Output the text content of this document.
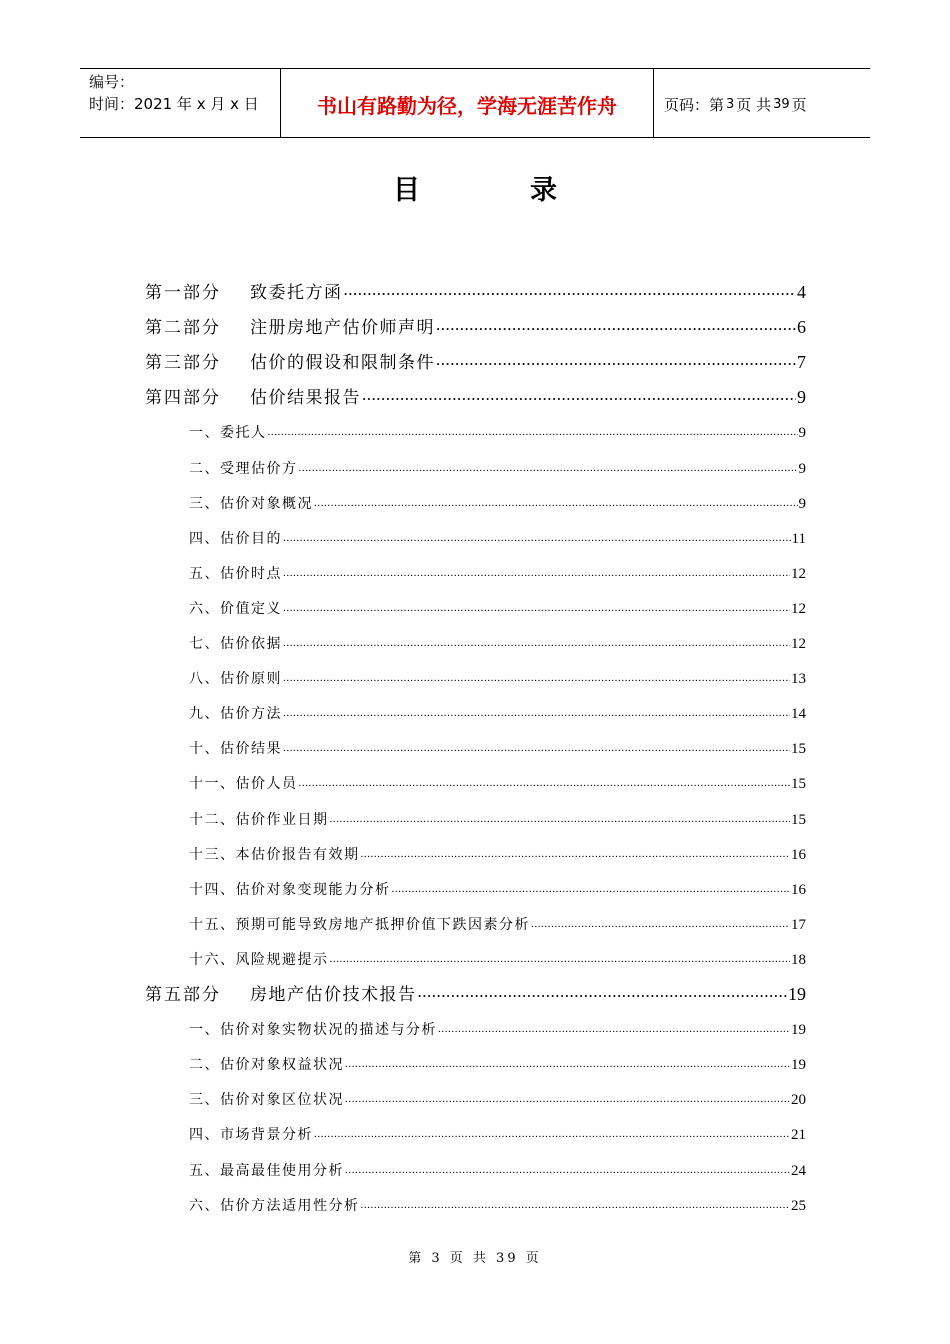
编号：
时间：2021 年 x 月 x 日	书山有路勤为径，学海无涯苦作舟	页码：第 3 页 共 39 页
目	录
第一部分	致委托方函 .....	4
第二部分	注册房地产估价师声明 .....	6
第三部分	估价的假设和限制条件 .....	7
第四部分	估价结果报告 .....	9
一、委托人 .....	9
二、受理估价方 .....	9
三、估价对象概况 .....	9
四、估价目的 .....	11
五、估价时点 .....	12
六、价值定义 .....	12
七、估价依据 .....	12
八、估价原则 .....	13
九、估价方法 .....	14
十、估价结果 .....	15
十一、估价人员 .....	15
十二、估价作业日期 .....	15
十三、本估价报告有效期 .....	16
十四、估价对象变现能力分析 .....	16
十五、预期可能导致房地产抵押价值下跌因素分析 .....	17
十六、风险规避提示 .....	18
第五部分	房地产估价技术报告 .....	19
一、估价对象实物状况的描述与分析 .....	19
二、估价对象权益状况 .....	19
三、估价对象区位状况 .....	20
四、市场背景分析 .....	21
五、最高最佳使用分析 .....	24
六、估价方法适用性分析 .....	25
第 3 页 共 39 页
